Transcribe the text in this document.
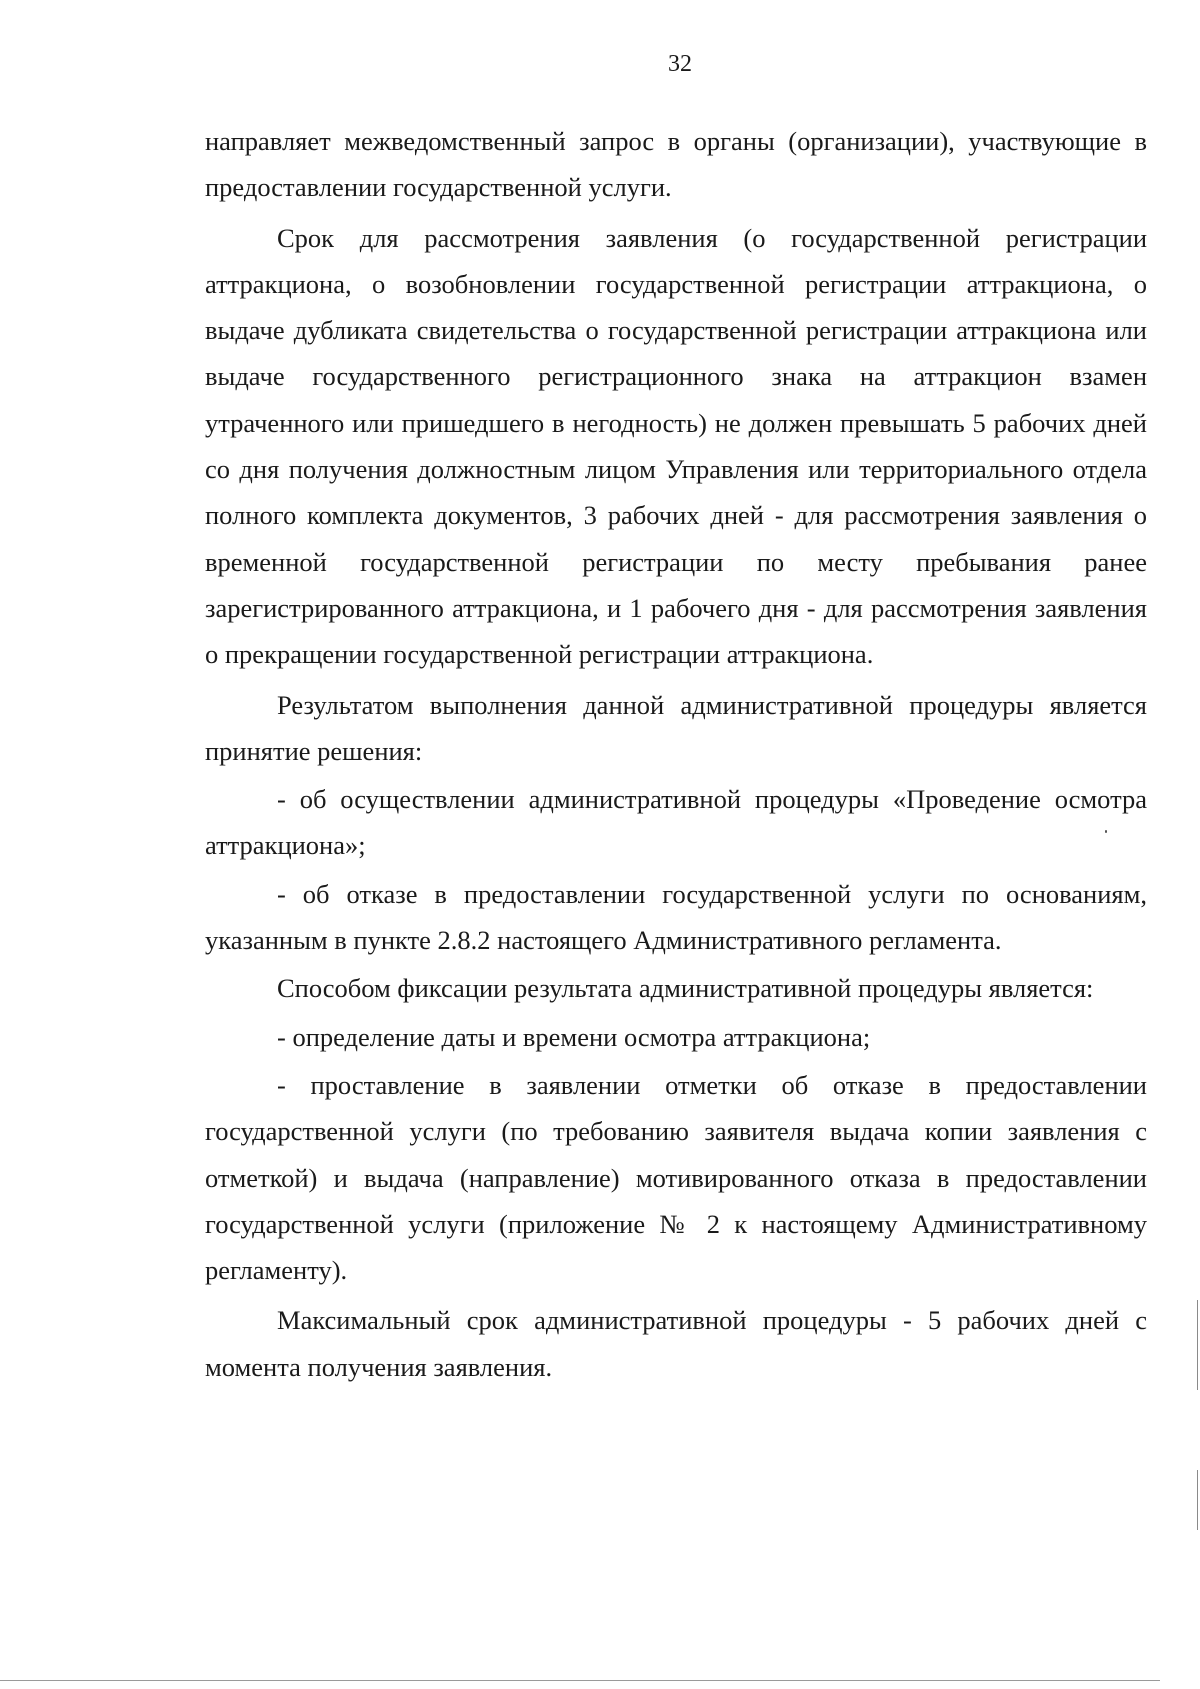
32

направляет межведомственный запрос в органы (организации), участвующие в предоставлении государственной услуги.

Срок для рассмотрения заявления (о государственной регистрации аттракциона, о возобновлении государственной регистрации аттракциона, о выдаче дубликата свидетельства о государственной регистрации аттракциона или выдаче государственного регистрационного знака на аттракцион взамен утраченного или пришедшего в негодность) не должен превышать 5 рабочих дней со дня получения должностным лицом Управления или территориального отдела полного комплекта документов, 3 рабочих дней - для рассмотрения заявления о временной государственной регистрации по месту пребывания ранее зарегистрированного аттракциона, и 1 рабочего дня - для рассмотрения заявления о прекращении государственной регистрации аттракциона.

Результатом выполнения данной административной процедуры является принятие решения:

- об осуществлении административной процедуры «Проведение осмотра аттракциона»;

- об отказе в предоставлении государственной услуги по основаниям, указанным в пункте 2.8.2 настоящего Административного регламента.

Способом фиксации результата административной процедуры является:

- определение даты и времени осмотра аттракциона;

- проставление в заявлении отметки об отказе в предоставлении государственной услуги (по требованию заявителя выдача копии заявления с отметкой) и выдача (направление) мотивированного отказа в предоставлении государственной услуги (приложение № 2 к настоящему Административному регламенту).

Максимальный срок административной процедуры - 5 рабочих дней с момента получения заявления.
